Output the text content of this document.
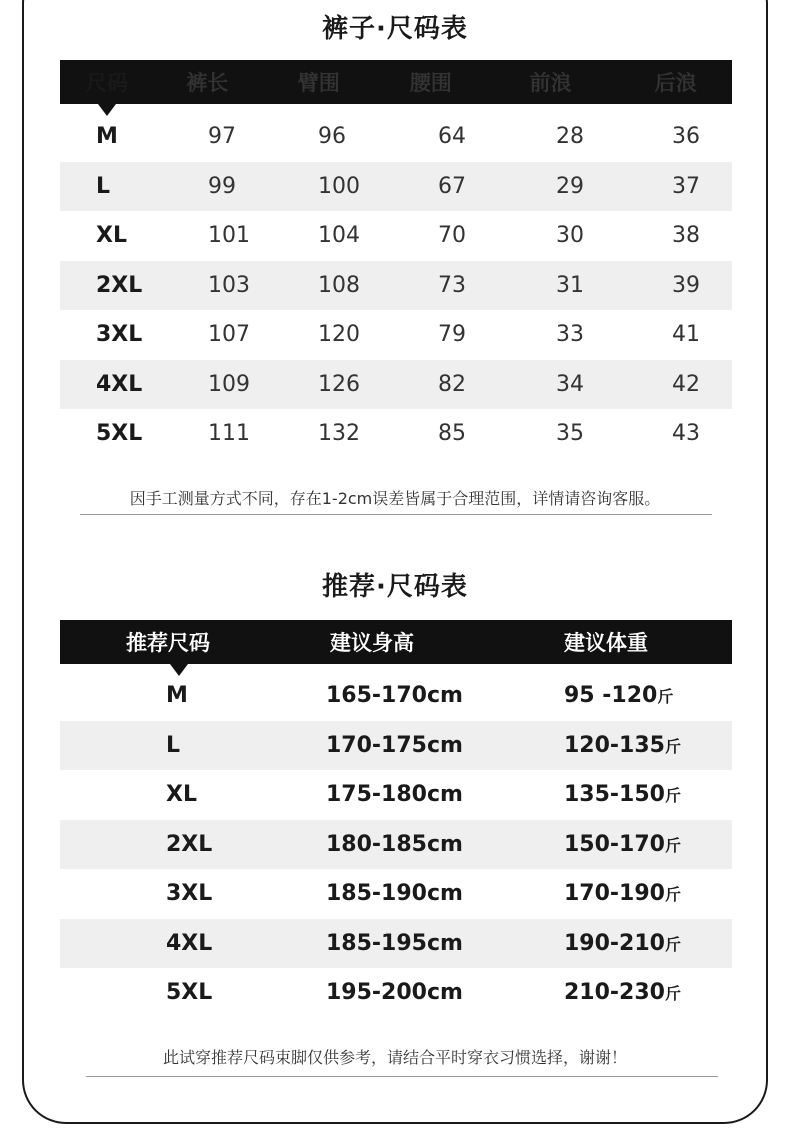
裤子·尺码表
尺码	裤长	臂围	腰围	前浪	后浪
M	97	96	64	28	36
L	99	100	67	29	37
XL	101	104	70	30	38
2XL	103	108	73	31	39
3XL	107	120	79	33	41
4XL	109	126	82	34	42
5XL	111	132	85	35	43
因手工测量方式不同，存在1-2cm误差皆属于合理范围，详情请咨询客服。
推荐·尺码表
推荐尺码	建议身高	建议体重
M	165-170cm	95 -120斤
L	170-175cm	120-135斤
XL	175-180cm	135-150斤
2XL	180-185cm	150-170斤
3XL	185-190cm	170-190斤
4XL	185-195cm	190-210斤
5XL	195-200cm	210-230斤
此试穿推荐尺码束脚仅供参考，请结合平时穿衣习惯选择，谢谢！
